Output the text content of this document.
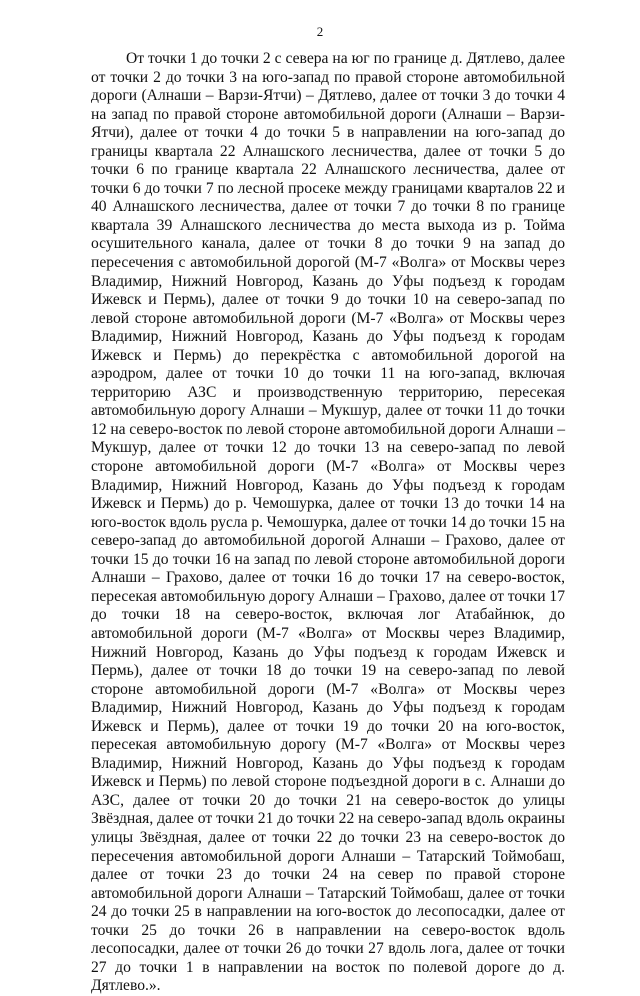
2

От точки 1 до точки 2 с севера на юг по границе д. Дятлево, далее от точки 2 до точки 3 на юго-запад по правой стороне автомобильной дороги (Алнаши – Варзи-Ятчи) – Дятлево, далее от точки 3 до точки 4 на запад по правой стороне автомобильной дороги (Алнаши – Варзи-Ятчи), далее от точки 4 до точки 5 в направлении на юго-запад до границы квартала 22 Алнашского лесничества, далее от точки 5 до точки 6 по границе квартала 22 Алнашского лесничества, далее от точки 6 до точки 7 по лесной просеке между границами кварталов 22 и 40 Алнашского лесничества, далее от точки 7 до точки 8 по границе квартала 39 Алнашского лесничества до места выхода из р. Тойма осушительного канала, далее от точки 8 до точки 9 на запад до пересечения с автомобильной дорогой (М-7 «Волга» от Москвы через Владимир, Нижний Новгород, Казань до Уфы подъезд к городам Ижевск и Пермь), далее от точки 9 до точки 10 на северо-запад по левой стороне автомобильной дороги (М-7 «Волга» от Москвы через Владимир, Нижний Новгород, Казань до Уфы подъезд к городам Ижевск и Пермь) до перекрёстка с автомобильной дорогой на аэродром, далее от точки 10 до точки 11 на юго-запад, включая территорию АЗС и производственную территорию, пересекая автомобильную дорогу Алнаши – Мукшур, далее от точки 11 до точки 12 на северо-восток по левой стороне автомобильной дороги Алнаши – Мукшур, далее от точки 12 до точки 13 на северо-запад по левой стороне автомобильной дороги (М-7 «Волга» от Москвы через Владимир, Нижний Новгород, Казань до Уфы подъезд к городам Ижевск и Пермь) до р. Чемошурка, далее от точки 13 до точки 14 на юго-восток вдоль русла р. Чемошурка, далее от точки 14 до точки 15 на северо-запад до автомобильной дорогой Алнаши – Грахово, далее от точки 15 до точки 16 на запад по левой стороне автомобильной дороги Алнаши – Грахово, далее от точки 16 до точки 17 на северо-восток, пересекая автомобильную дорогу Алнаши – Грахово, далее от точки 17 до точки 18 на северо-восток, включая лог Атабайнюк, до автомобильной дороги (М-7 «Волга» от Москвы через Владимир, Нижний Новгород, Казань до Уфы подъезд к городам Ижевск и Пермь), далее от точки 18 до точки 19 на северо-запад по левой стороне автомобильной дороги (М-7 «Волга» от Москвы через Владимир, Нижний Новгород, Казань до Уфы подъезд к городам Ижевск и Пермь), далее от точки 19 до точки 20 на юго-восток, пересекая автомобильную дорогу (М-7 «Волга» от Москвы через Владимир, Нижний Новгород, Казань до Уфы подъезд к городам Ижевск и Пермь) по левой стороне подъездной дороги в с. Алнаши до АЗС, далее от точки 20 до точки 21 на северо-восток до улицы Звёздная, далее от точки 21 до точки 22 на северо-запад вдоль окраины улицы Звёздная, далее от точки 22 до точки 23 на северо-восток до пересечения автомобильной дороги Алнаши – Татарский Тоймобаш, далее от точки 23 до точки 24 на север по правой стороне автомобильной дороги Алнаши – Татарский Тоймобаш, далее от точки 24 до точки 25 в направлении на юго-восток до лесопосадки, далее от точки 25 до точки 26 в направлении на северо-восток вдоль лесопосадки, далее от точки 26 до точки 27 вдоль лога, далее от точки 27 до точки 1 в направлении на восток по полевой дороге до д. Дятлево.».
